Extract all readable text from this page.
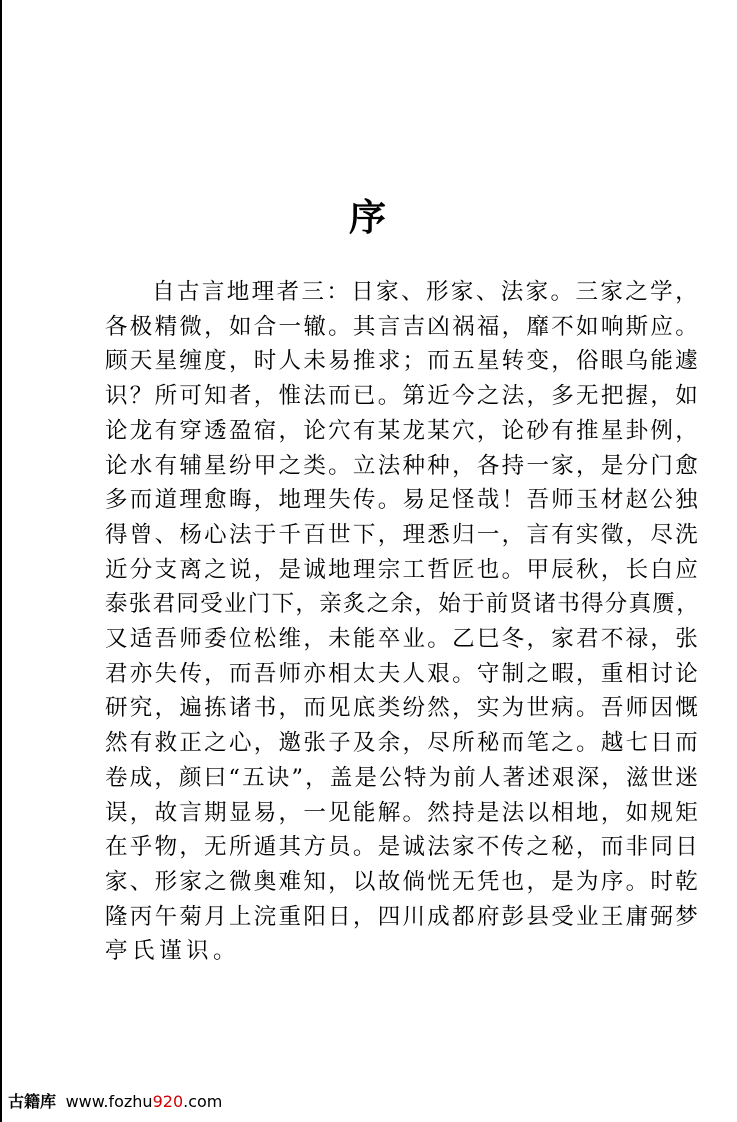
序
自古言地理者三：日家、形家、法家。三家之学，
各极精微，如合一辙。其言吉凶祸福，靡不如响斯应。
顾天星缠度，时人未易推求；而五星转变，俗眼乌能遽
识？所可知者，惟法而已。第近今之法，多无把握，如
论龙有穿透盈宿，论穴有某龙某穴，论砂有推星卦例，
论水有辅星纷甲之类。立法种种，各持一家，是分门愈
多而道理愈晦，地理失传。易足怪哉！吾师玉材赵公独
得曾、杨心法于千百世下，理悉归一，言有实徵，尽洗
近分支离之说，是诚地理宗工哲匠也。甲辰秋，长白应
泰张君同受业门下，亲炙之余，始于前贤诸书得分真赝，
又适吾师委位松维，未能卒业。乙巳冬，家君不禄，张
君亦失传，而吾师亦相太夫人艰。守制之暇，重相讨论
研究，遍拣诸书，而见底类纷然，实为世病。吾师因慨
然有救正之心，邀张子及余，尽所秘而笔之。越七日而
卷成，颜曰“五诀”，盖是公特为前人著述艰深，滋世迷
误，故言期显易，一见能解。然持是法以相地，如规矩
在乎物，无所遁其方员。是诚法家不传之秘，而非同日
家、形家之微奥难知，以故倘恍无凭也，是为序。时乾
隆丙午菊月上浣重阳日，四川成都府彭县受业王庸弼梦
亭氏谨识。
古籍库 www.fozhu920.com
